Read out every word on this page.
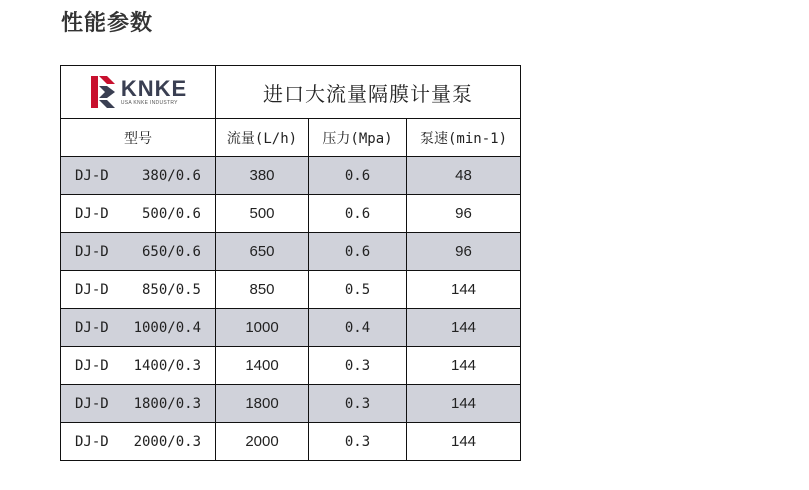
性能参数
KNKE
USA KNKE INDUSTRY	进口大流量隔膜计量泵		
型号	流量(L/h)	压力(Mpa)	泵速(min-1)

DJ-D 380/0.6	380	0.6	48

DJ-D 500/0.6	500	0.6	96

DJ-D 650/0.6	650	0.6	96

DJ-D 850/0.5	850	0.5	144

DJ-D 1000/0.4	1000	0.4	144

DJ-D 1400/0.3	1400	0.3	144

DJ-D 1800/0.3	1800	0.3	144

DJ-D 2000/0.3	2000	0.3	144
